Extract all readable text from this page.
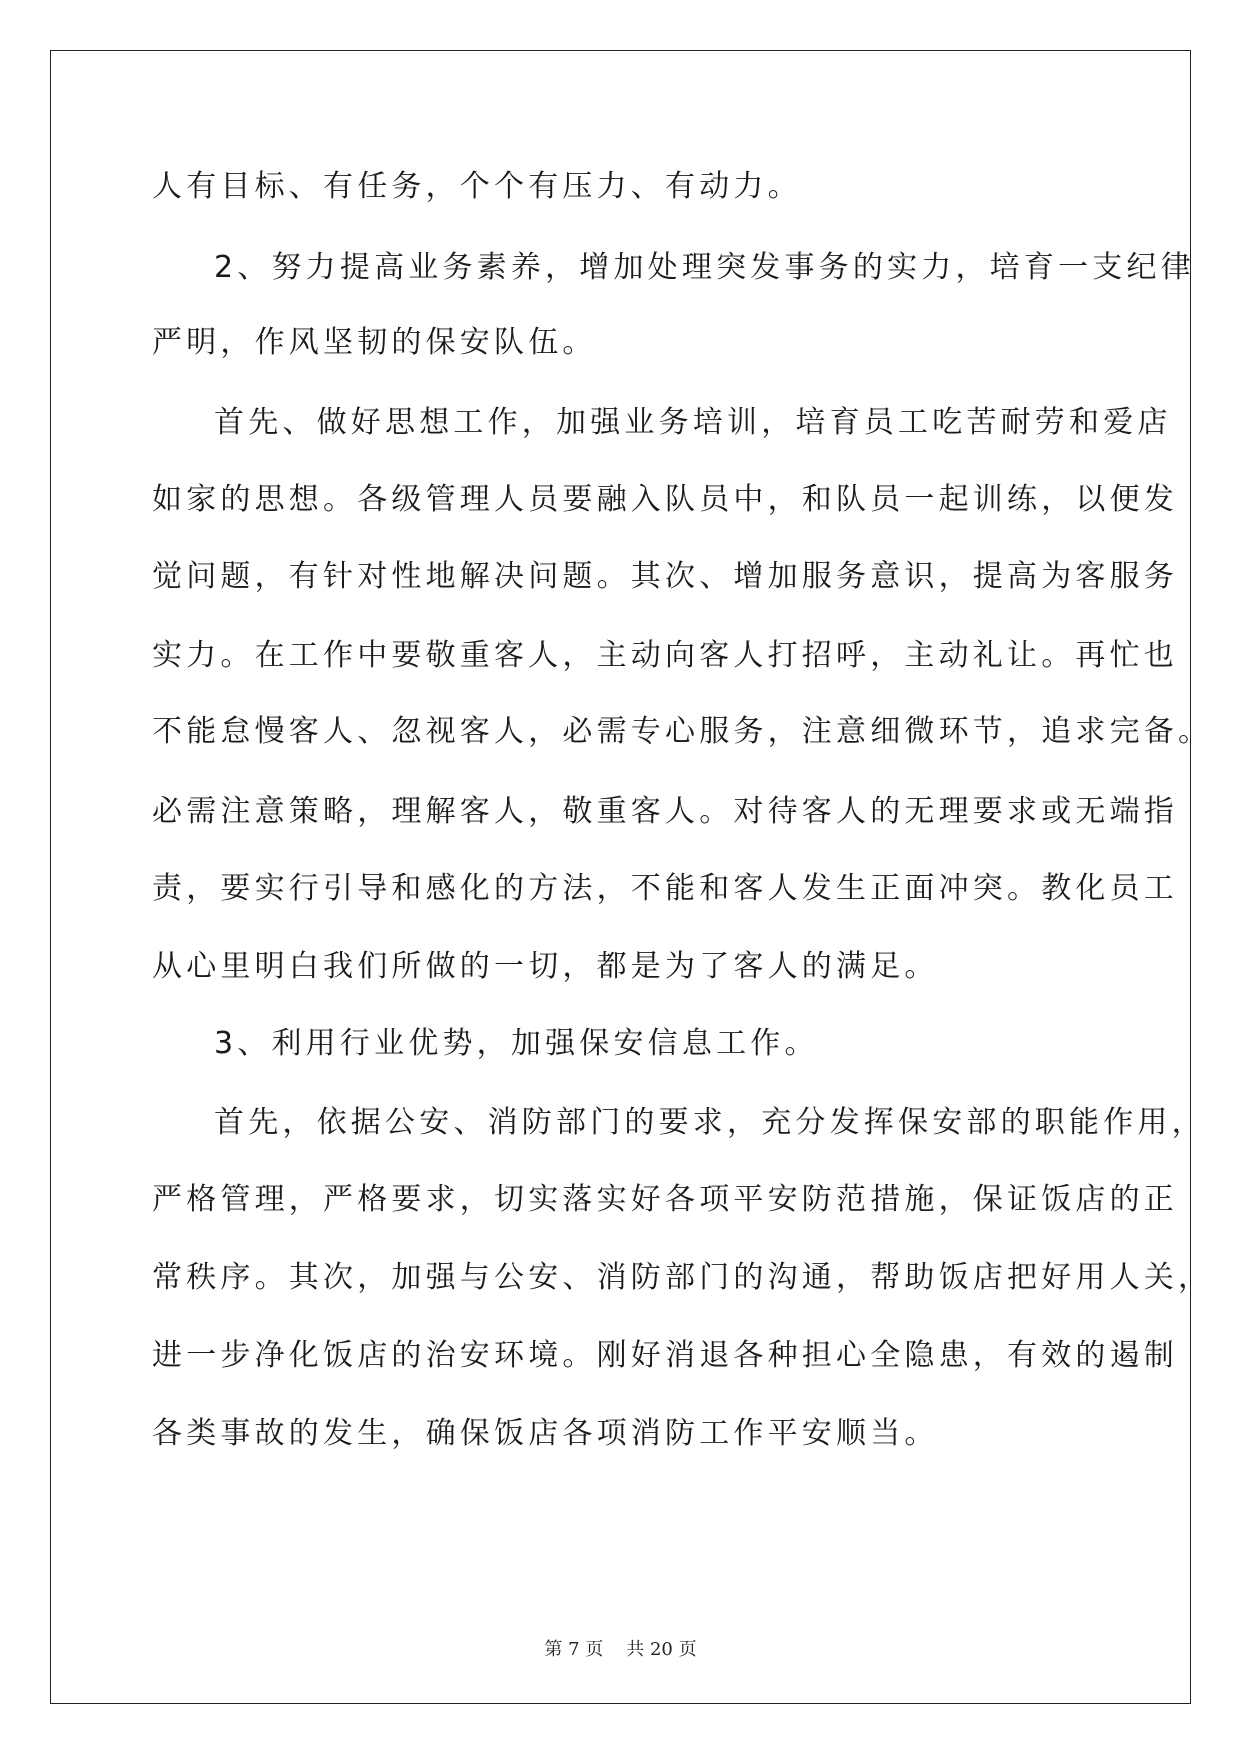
人有目标、有任务，个个有压力、有动力。
2、努力提高业务素养，增加处理突发事务的实力，培育一支纪律
严明，作风坚韧的保安队伍。
首先、做好思想工作，加强业务培训，培育员工吃苦耐劳和爱店
如家的思想。各级管理人员要融入队员中，和队员一起训练，以便发
觉问题，有针对性地解决问题。其次、增加服务意识，提高为客服务
实力。在工作中要敬重客人，主动向客人打招呼，主动礼让。再忙也
不能怠慢客人、忽视客人，必需专心服务，注意细微环节，追求完备。
必需注意策略，理解客人，敬重客人。对待客人的无理要求或无端指
责，要实行引导和感化的方法，不能和客人发生正面冲突。教化员工
从心里明白我们所做的一切，都是为了客人的满足。
3、利用行业优势，加强保安信息工作。
首先，依据公安、消防部门的要求，充分发挥保安部的职能作用，
严格管理，严格要求，切实落实好各项平安防范措施，保证饭店的正
常秩序。其次，加强与公安、消防部门的沟通，帮助饭店把好用人关，
进一步净化饭店的治安环境。刚好消退各种担心全隐患，有效的遏制
各类事故的发生，确保饭店各项消防工作平安顺当。
第 7 页 共 20 页
